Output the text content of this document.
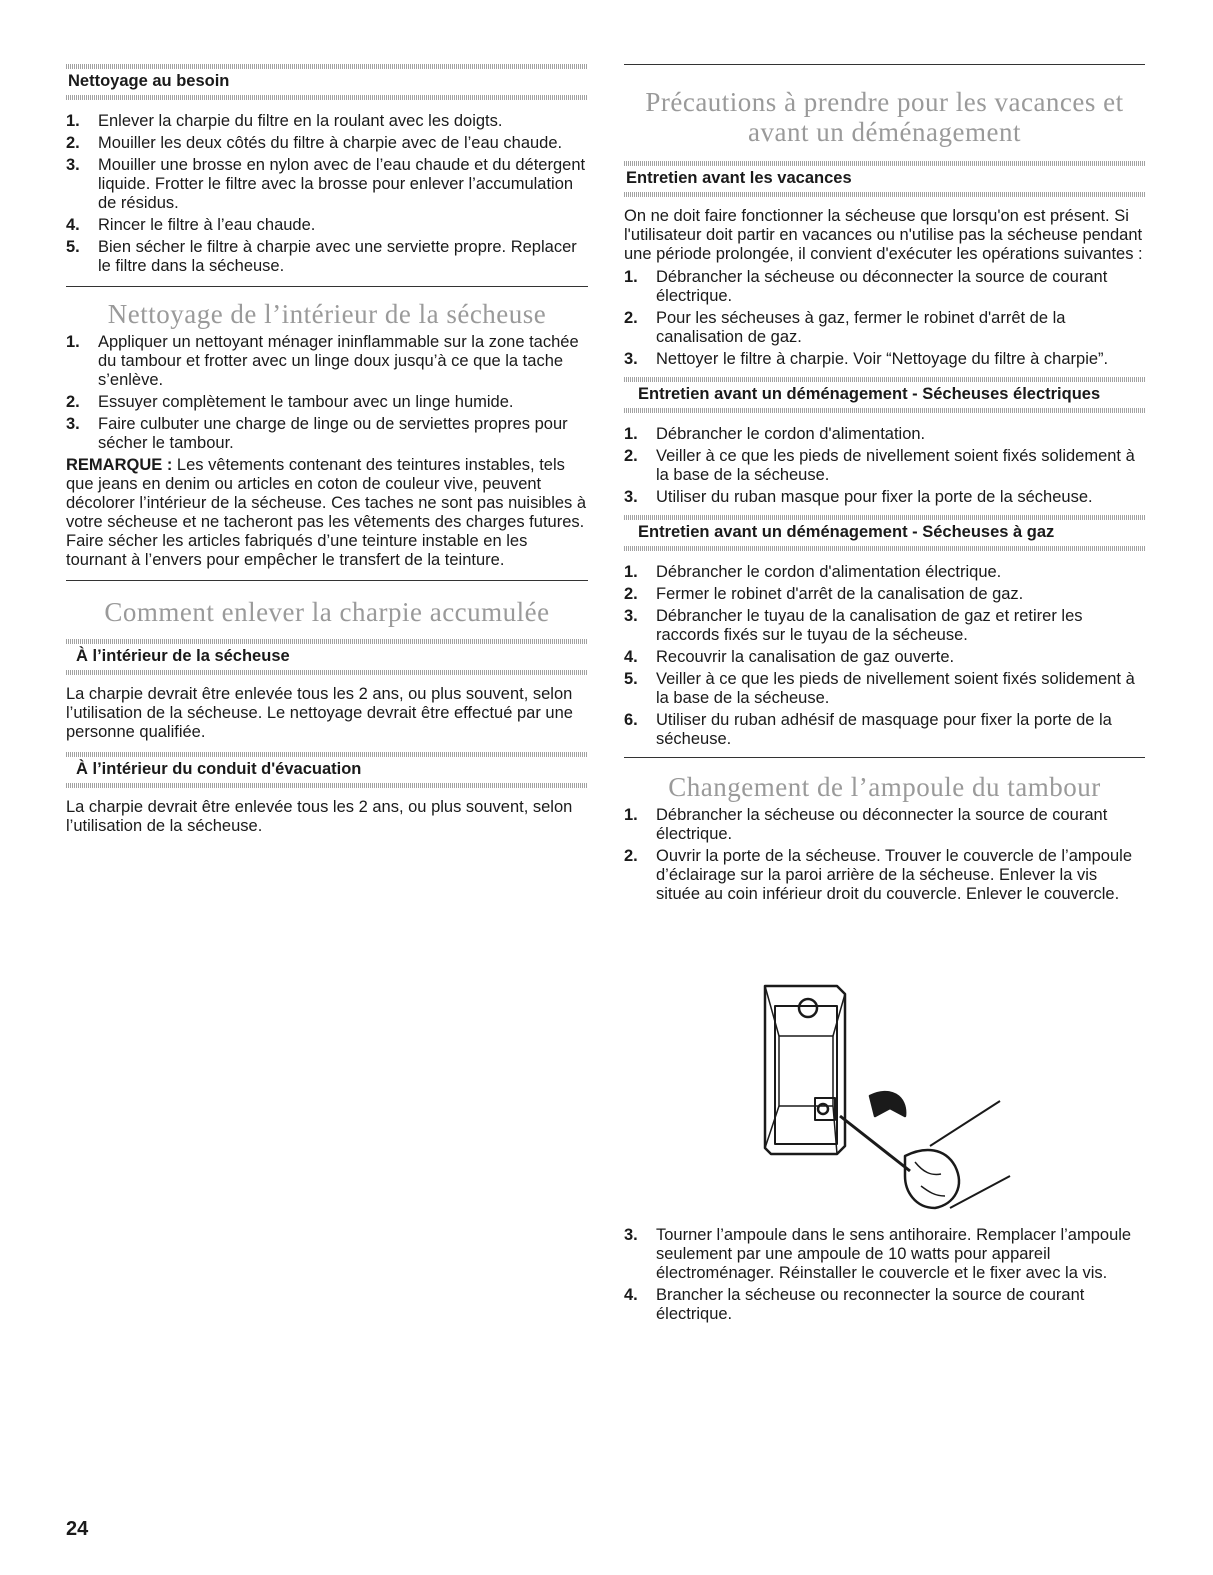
Nettoyage au besoin
1. Enlever la charpie du filtre en la roulant avec les doigts.
2. Mouiller les deux côtés du filtre à charpie avec de l’eau chaude.
3. Mouiller une brosse en nylon avec de l’eau chaude et du détergent liquide. Frotter le filtre avec la brosse pour enlever l’accumulation de résidus.
4. Rincer le filtre à l’eau chaude.
5. Bien sécher le filtre à charpie avec une serviette propre. Replacer le filtre dans la sécheuse.
Nettoyage de l’intérieur de la sécheuse
1. Appliquer un nettoyant ménager ininflammable sur la zone tachée du tambour et frotter avec un linge doux jusqu’à ce que la tache s’enlève.
2. Essuyer complètement le tambour avec un linge humide.
3. Faire culbuter une charge de linge ou de serviettes propres pour sécher le tambour.

REMARQUE : Les vêtements contenant des teintures instables, tels que jeans en denim ou articles en coton de couleur vive, peuvent décolorer l’intérieur de la sécheuse. Ces taches ne sont pas nuisibles à votre sécheuse et ne tacheront pas les vêtements des charges futures. Faire sécher les articles fabriqués d’une teinture instable en les tournant à l’envers pour empêcher le transfert de la teinture.

Comment enlever la charpie accumulée
À l’intérieur de la sécheuse

La charpie devrait être enlevée tous les 2 ans, ou plus souvent, selon l’utilisation de la sécheuse. Le nettoyage devrait être effectué par une personne qualifiée.

À l’intérieur du conduit d'évacuation

La charpie devrait être enlevée tous les 2 ans, ou plus souvent, selon l’utilisation de la sécheuse.

Précautions à prendre pour les vacances et avant un déménagement
Entretien avant les vacances

On ne doit faire fonctionner la sécheuse que lorsqu'on est présent. Si l'utilisateur doit partir en vacances ou n'utilise pas la sécheuse pendant une période prolongée, il convient d'exécuter les opérations suivantes :

1. Débrancher la sécheuse ou déconnecter la source de courant électrique.
2. Pour les sécheuses à gaz, fermer le robinet d'arrêt de la canalisation de gaz.
3. Nettoyer le filtre à charpie. Voir “Nettoyage du filtre à charpie”.
Entretien avant un déménagement - Sécheuses électriques
1. Débrancher le cordon d'alimentation.
2. Veiller à ce que les pieds de nivellement soient fixés solidement à la base de la sécheuse.
3. Utiliser du ruban masque pour fixer la porte de la sécheuse.
Entretien avant un déménagement - Sécheuses à gaz
1. Débrancher le cordon d'alimentation électrique.
2. Fermer le robinet d'arrêt de la canalisation de gaz.
3. Débrancher le tuyau de la canalisation de gaz et retirer les raccords fixés sur le tuyau de la sécheuse.
4. Recouvrir la canalisation de gaz ouverte.
5. Veiller à ce que les pieds de nivellement soient fixés solidement à la base de la sécheuse.
6. Utiliser du ruban adhésif de masquage pour fixer la porte de la sécheuse.
Changement de l’ampoule du tambour
1. Débrancher la sécheuse ou déconnecter la source de courant électrique.
2. Ouvrir la porte de la sécheuse. Trouver le couvercle de l’ampoule d’éclairage sur la paroi arrière de la sécheuse. Enlever la vis située au coin inférieur droit du couvercle. Enlever le couvercle.
3. Tourner l’ampoule dans le sens antihoraire. Remplacer l’ampoule seulement par une ampoule de 10 watts pour appareil électroménager. Réinstaller le couvercle et le fixer avec la vis.
4. Brancher la sécheuse ou reconnecter la source de courant électrique.
24
